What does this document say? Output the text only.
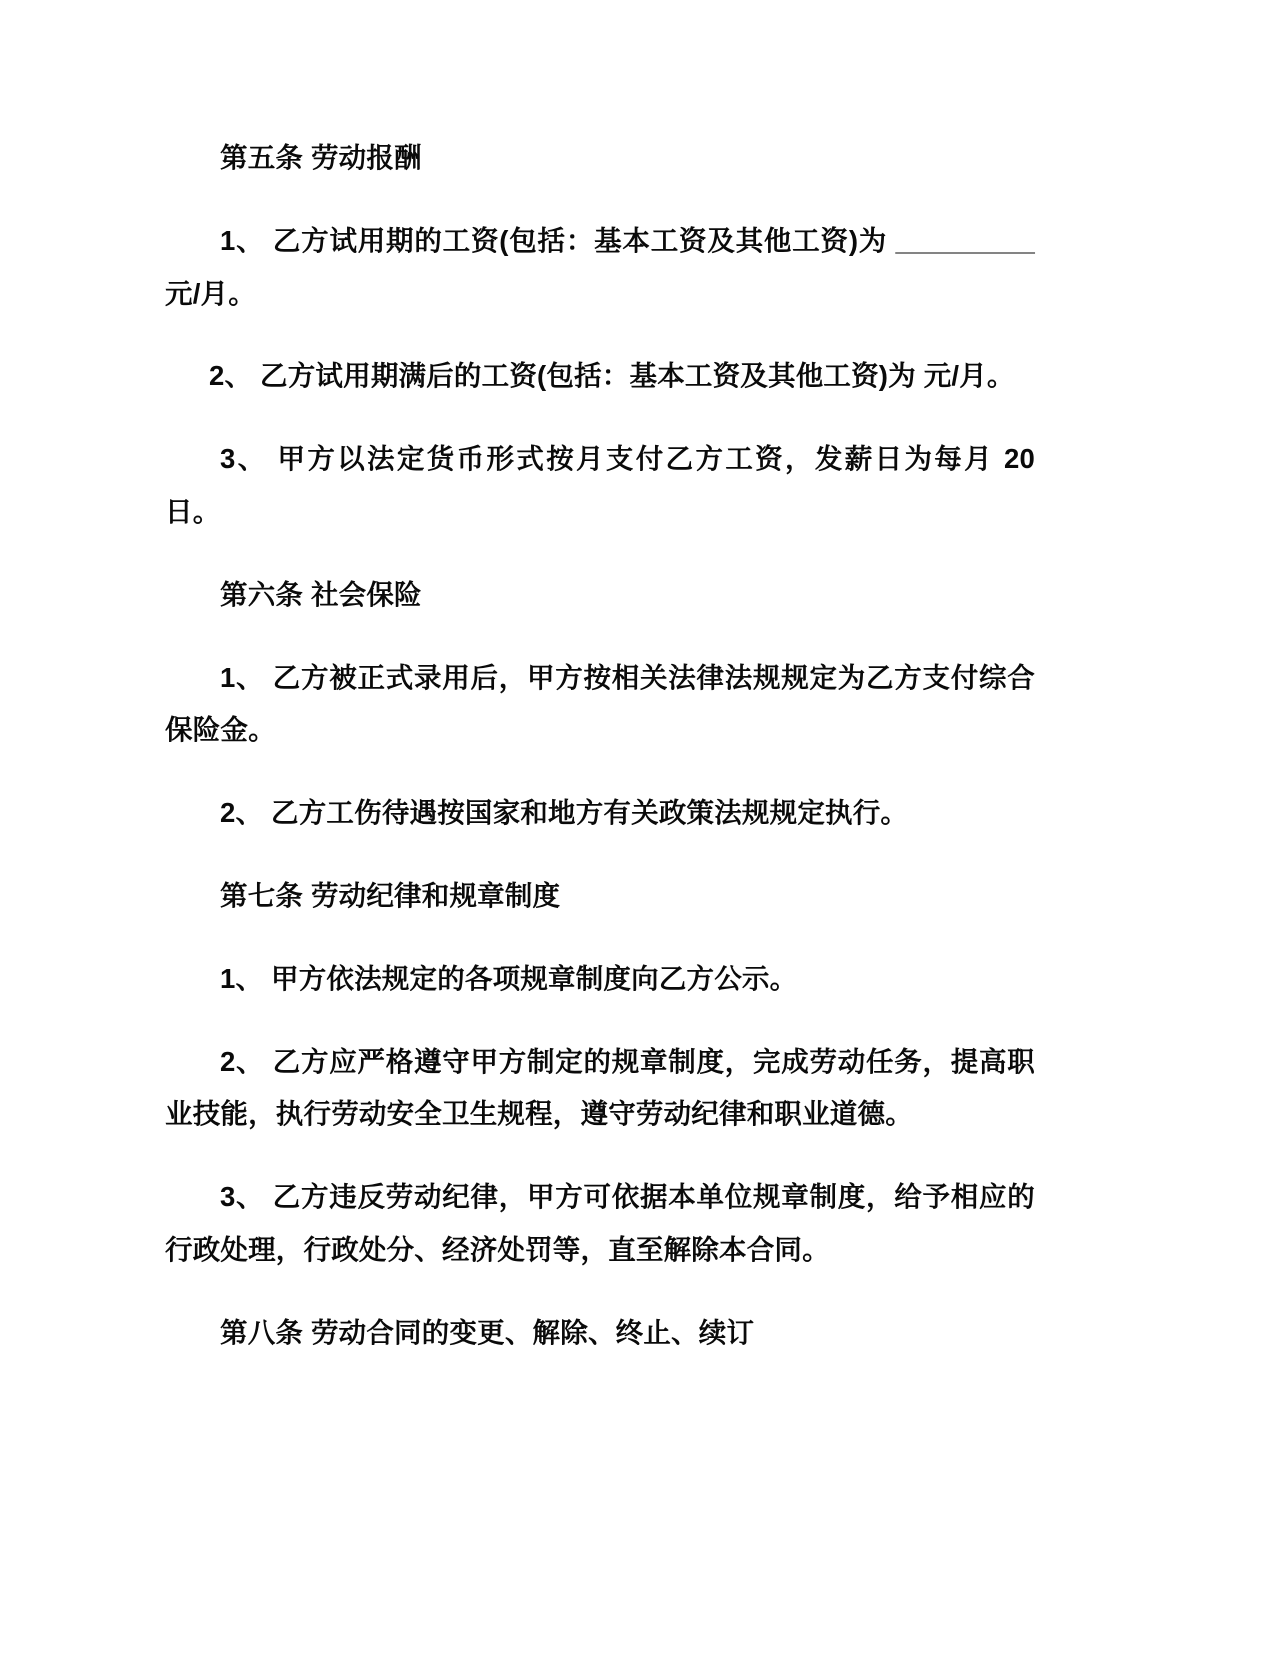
第五条 劳动报酬

1、 乙方试用期的工资(包括：基本工资及其他工资)为 _________元/月。

2、 乙方试用期满后的工资(包括：基本工资及其他工资)为 元/月。

3、 甲方以法定货币形式按月支付乙方工资，发薪日为每月 20 日。

第六条 社会保险

1、 乙方被正式录用后，甲方按相关法律法规规定为乙方支付综合保险金。

2、 乙方工伤待遇按国家和地方有关政策法规规定执行。

第七条 劳动纪律和规章制度

1、 甲方依法规定的各项规章制度向乙方公示。

2、 乙方应严格遵守甲方制定的规章制度，完成劳动任务，提高职业技能，执行劳动安全卫生规程，遵守劳动纪律和职业道德。

3、 乙方违反劳动纪律，甲方可依据本单位规章制度，给予相应的行政处理，行政处分、经济处罚等，直至解除本合同。

第八条 劳动合同的变更、解除、终止、续订
